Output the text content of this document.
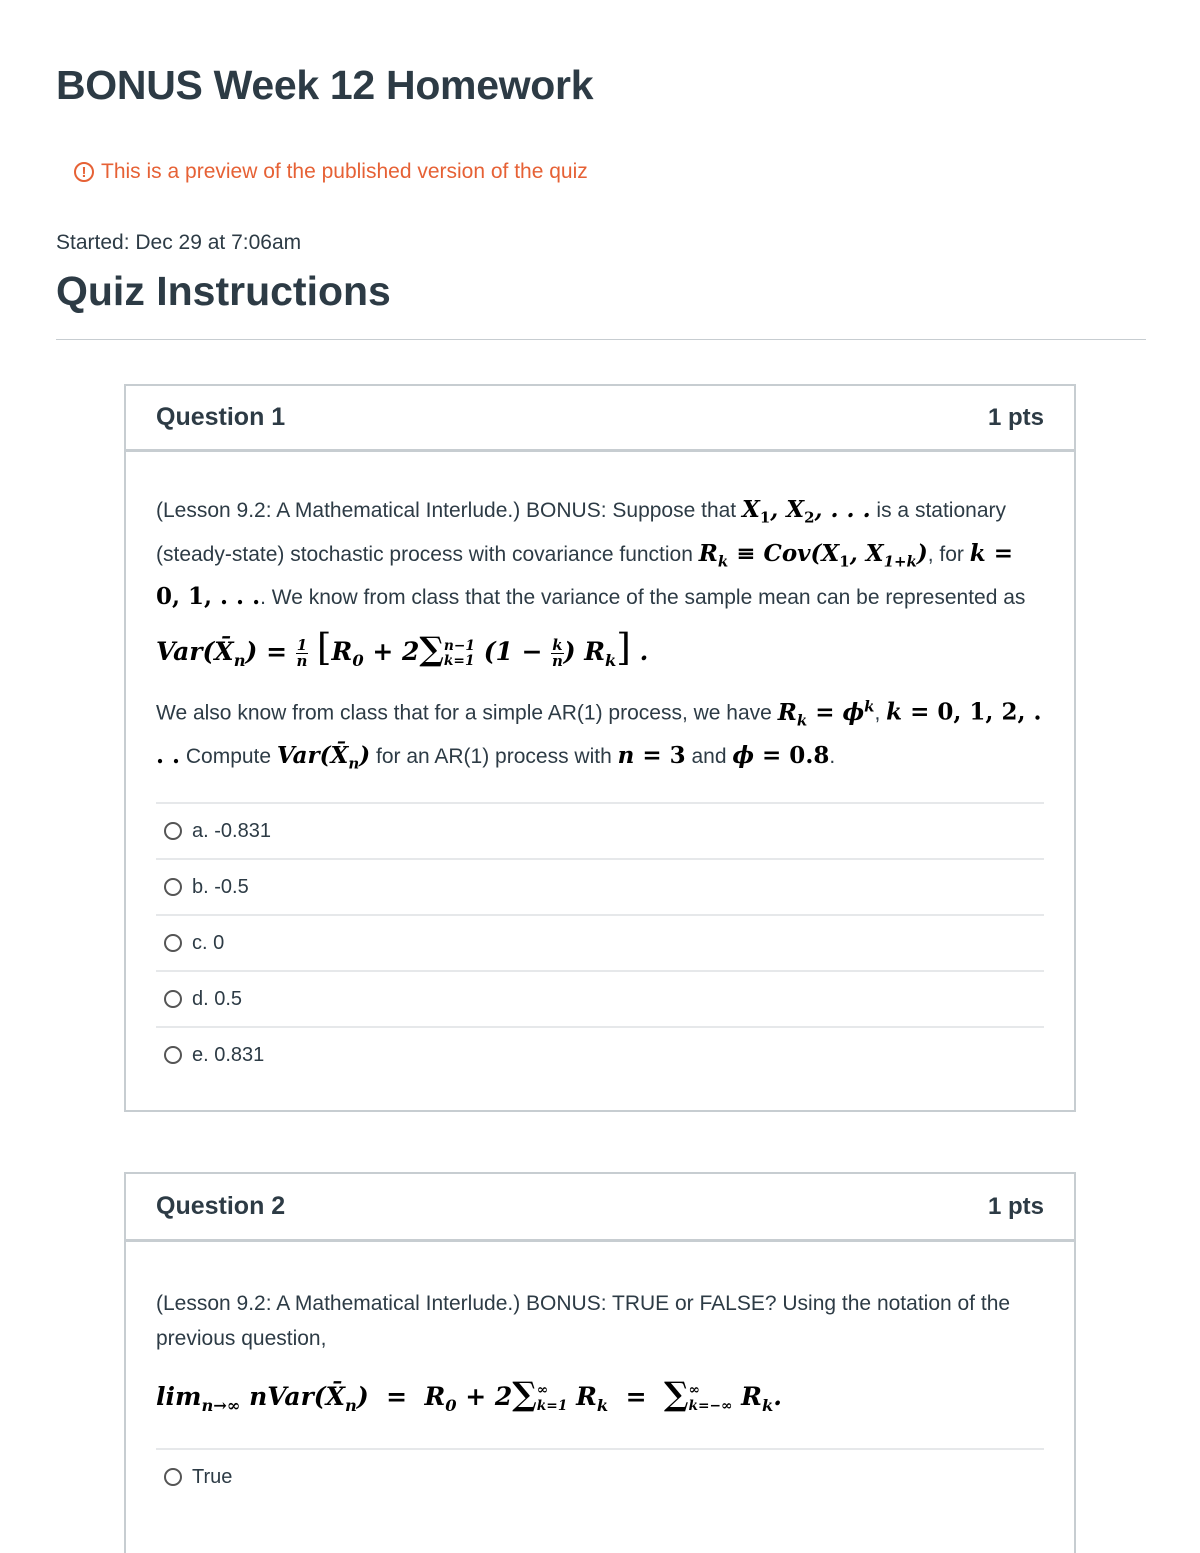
BONUS Week 12 Homework
! This is a preview of the published version of the quiz
Started: Dec 29 at 7:06am
Quiz Instructions
Question 1	1 pts

(Lesson 9.2: A Mathematical Interlude.) BONUS: Suppose that $X_1$, $X_2$, . . . is a stationary (steady-state) stochastic process with covariance function $R_k \equiv Cov(X_1$, $X_{1+k}$), for k = 0, 1, . . .. We know from class that the variance of the sample mean can be represented as

$Var(X̄_n) = \frac{1}{n} [R_0 + 2\sum$ n−1
k=1 ($1 - \frac{k}{n}$ ) $R_k$] .

We also know from class that for a simple AR(1) process, we have $R_k = \phi^k$, k = 0, 1, 2, . . . Compute $Var(X̄_n)$ for an AR(1) process with n = 3 and ϕ = 0.8.

a. -0.831
b. -0.5
c. 0
d. 0.5
e. 0.831
Question 2	1 pts

(Lesson 9.2: A Mathematical Interlude.) BONUS: TRUE or FALSE? Using the notation of the previous question,

$\lim_{n\to\infty}$ $nVar(X̄_n) = R_0 + 2\sum$ ∞
k=1 $R_k$ = ∑ ∞
k=−∞ $R_k$.
True
